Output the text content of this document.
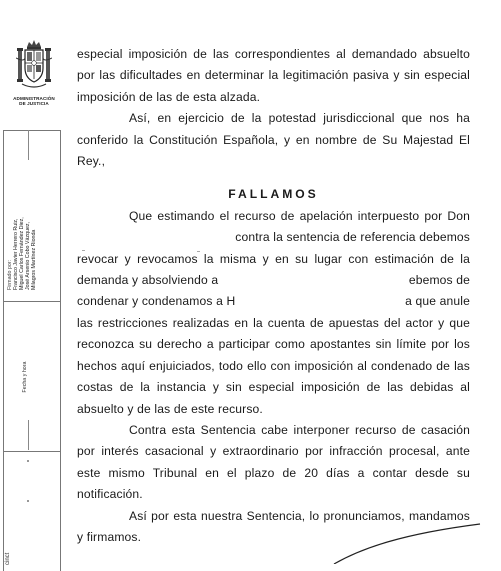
ADMINISTRACIÓN
DE JUSTICIA
Firmado por: Francisco Javier Herrero Ruiz, Miguel Carlos Fernández Diez, José Arsenio Cobo Vázquez, Milagros Martínez Rionda
Fecha y hora
cinct

especial imposición de las correspondientes al demandado absuelto por las dificultades en determinar la legitimación pasiva y sin especial imposición de las de esta alzada.

Así, en ejercicio de la potestad jurisdiccional que nos ha conferido la Constitución Española, y en nombre de Su Majestad El Rey.,

FALLAMOS

Que estimando el recurso de apelación interpuesto por Don

contra la sentencia de referencia debemos

revocar y revocamos la misma y en su lugar con estimación de la

demanda y absolviendo a	ebemos de

condenar y condenamos a H	a que anule

las restricciones realizadas en la cuenta de apuestas del actor y que reconozca su derecho a participar como apostantes sin límite por los hechos aquí enjuiciados, todo ello con imposición al condenado de las costas de la instancia y sin especial imposición de las debidas al absuelto y de las de este recurso.

Contra esta Sentencia cabe interponer recurso de casación por interés casacional y extraordinario por infracción procesal, ante este mismo Tribunal en el plazo de 20 días a contar desde su notificación.

Así por esta nuestra Sentencia, lo pronunciamos, mandamos y firmamos.
